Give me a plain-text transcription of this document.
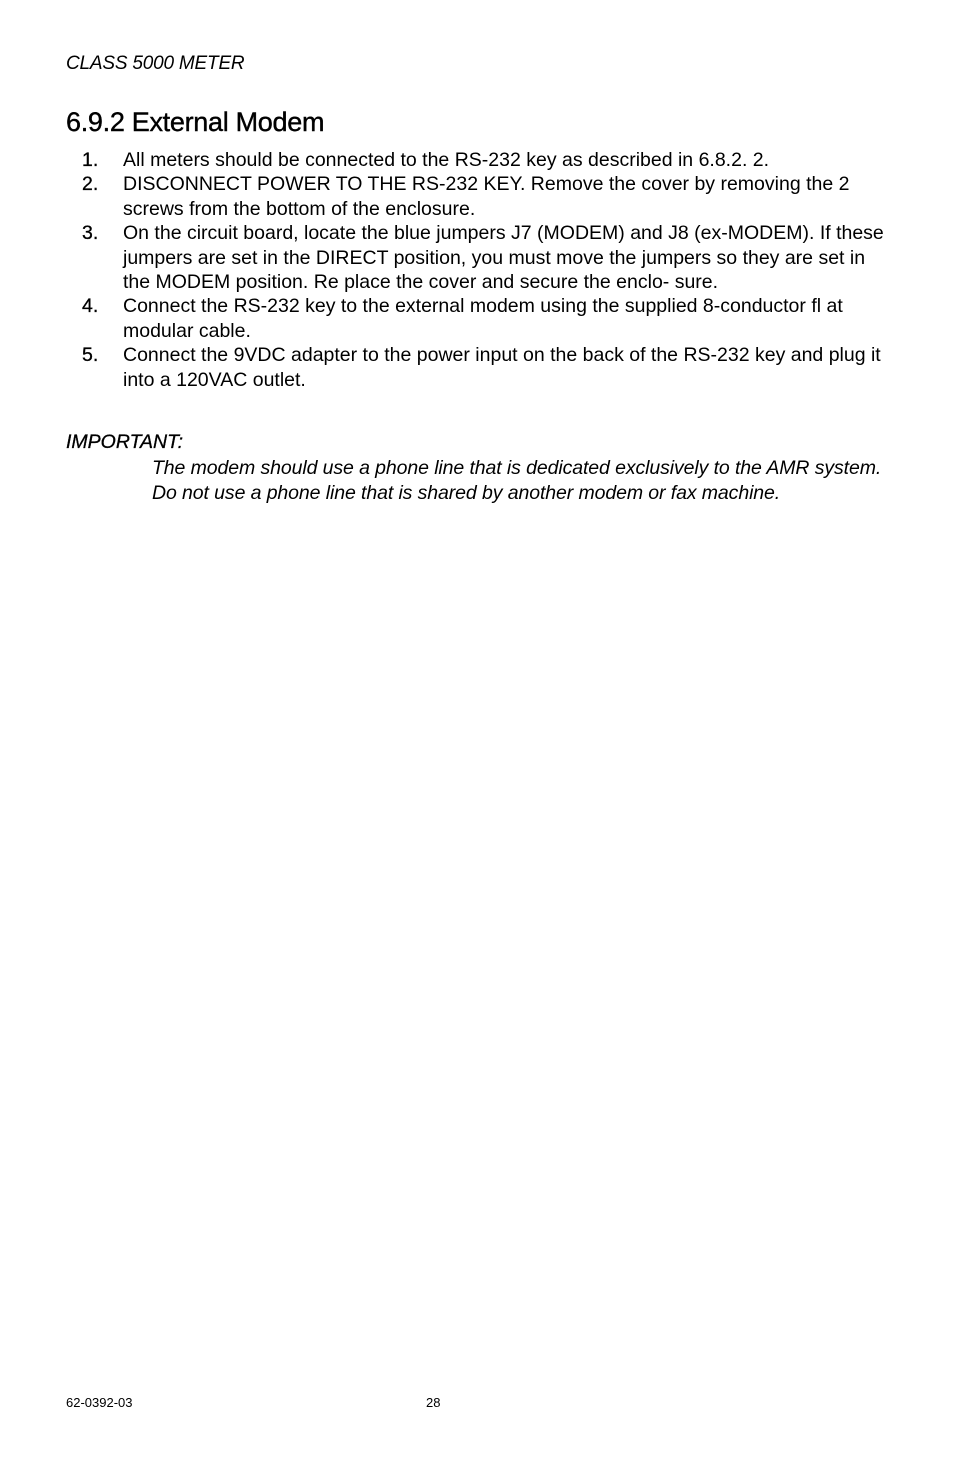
CLASS 5000 METER
6.9.2 External Modem
1. All meters should be connected to the RS-232 key as described in 6.8.2. 2.
2. DISCONNECT POWER TO THE RS-232 KEY. Remove the cover by removing the 2 screws from the bottom of the enclosure.
3. On the circuit board, locate the blue jumpers J7 (MODEM) and J8 (ex-MODEM). If these jumpers are set in the DIRECT position, you must move the jumpers so they are set in the MODEM position. Re place the cover and secure the enclo- sure.
4. Connect the RS-232 key to the external modem using the supplied 8-conductor fl at modular cable.
5. Connect the 9VDC adapter to the power input on the back of the RS-232 key and plug it into a 120VAC outlet.
IMPORTANT:
The modem should use a phone line that is dedicated exclusively to the AMR system. Do not use a phone line that is shared by another modem or fax machine.
62-0392-03	28
